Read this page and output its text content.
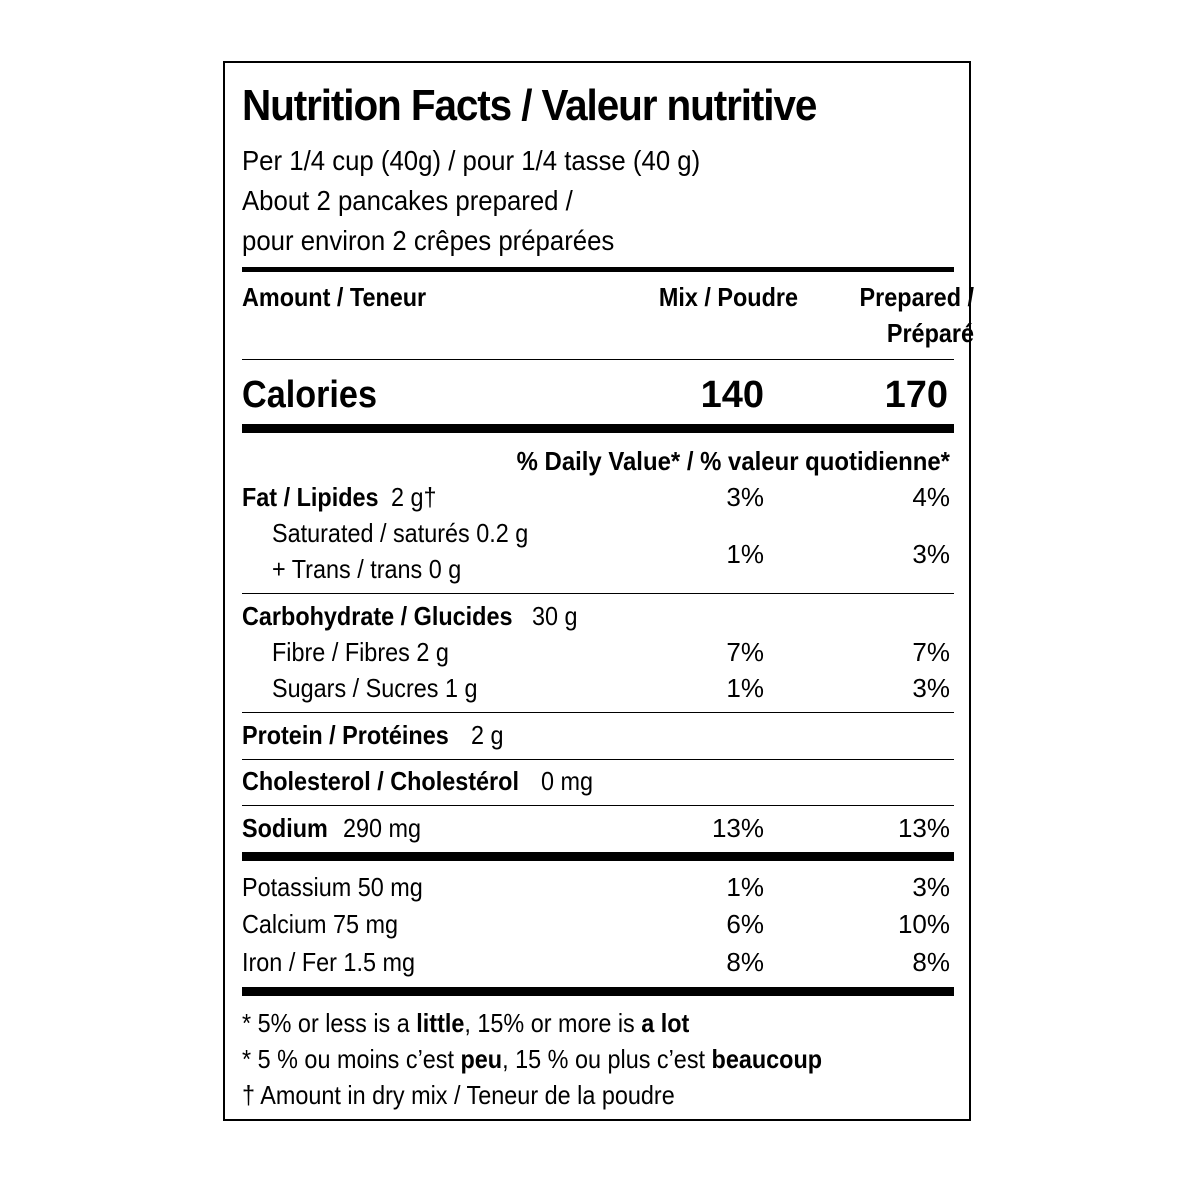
Nutrition Facts / Valeur nutritive
Per 1/4 cup (40g) / pour 1/4 tasse (40 g)
About 2 pancakes prepared /
pour environ 2 crêpes préparées
Amount / Teneur	Mix / Poudre	Prepared /
Préparé
Calories	140	170
% Daily Value* / % valeur quotidienne*
Fat / Lipides 2 g†	3%	4%
Saturated / saturés 0.2 g
+ Trans / trans 0 g	1%	3%
Carbohydrate / Glucides 30 g
Fibre / Fibres 2 g	7%	7%
Sugars / Sucres 1 g	1%	3%
Protein / Protéines 2 g
Cholesterol / Cholestérol 0 mg
Sodium 290 mg	13%	13%
Potassium 50 mg	1%	3%
Calcium 75 mg	6%	10%
Iron / Fer 1.5 mg	8%	8%
* 5% or less is a little, 15% or more is a lot
* 5 % ou moins c’est peu, 15 % ou plus c’est beaucoup
† Amount in dry mix / Teneur de la poudre
